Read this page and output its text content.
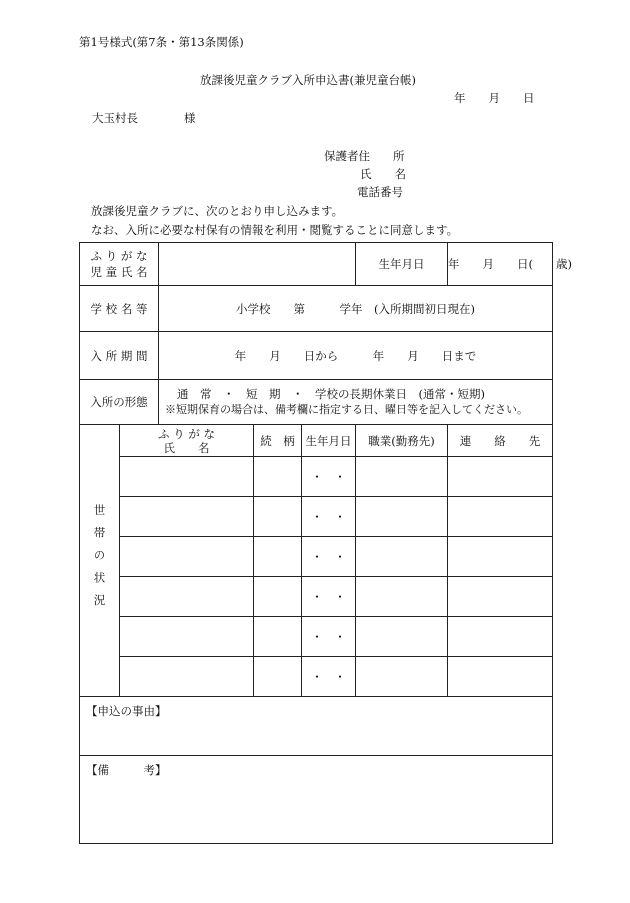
第1号様式(第7条・第13条関係)
放課後児童クラブ入所申込書(兼児童台帳)
年　　月　　日
大玉村長	様
保護者住　　所
氏　　名
電話番号
放課後児童クラブに、次のとおり申し込みます。
なお、入所に必要な村保有の情報を利用・閲覧することに同意します。
ふ り が な
児 童 氏 名					生年月日	年　　月　　日(　　歳)
学 校 名 等		小学校　　第　　　学年　(入所期間初日現在)				
入 所 期 間		年　　月　　日から　　　年　　月　　日まで				
入所の形態		通　常　・　短　期　・　学校の長期休業日　(通常・短期)
※短期保育の場合は、備考欄に指定する日、曜日等を記入してください。				

世帯の状況	ふ り が な
氏　　名		続　柄	生年月日	職業(勤務先)	連　　絡　　先
				・　・		
				・　・		
				・　・		
				・　・		
				・　・		
				・　・		
【申込の事由】						
【備　　　考】						
